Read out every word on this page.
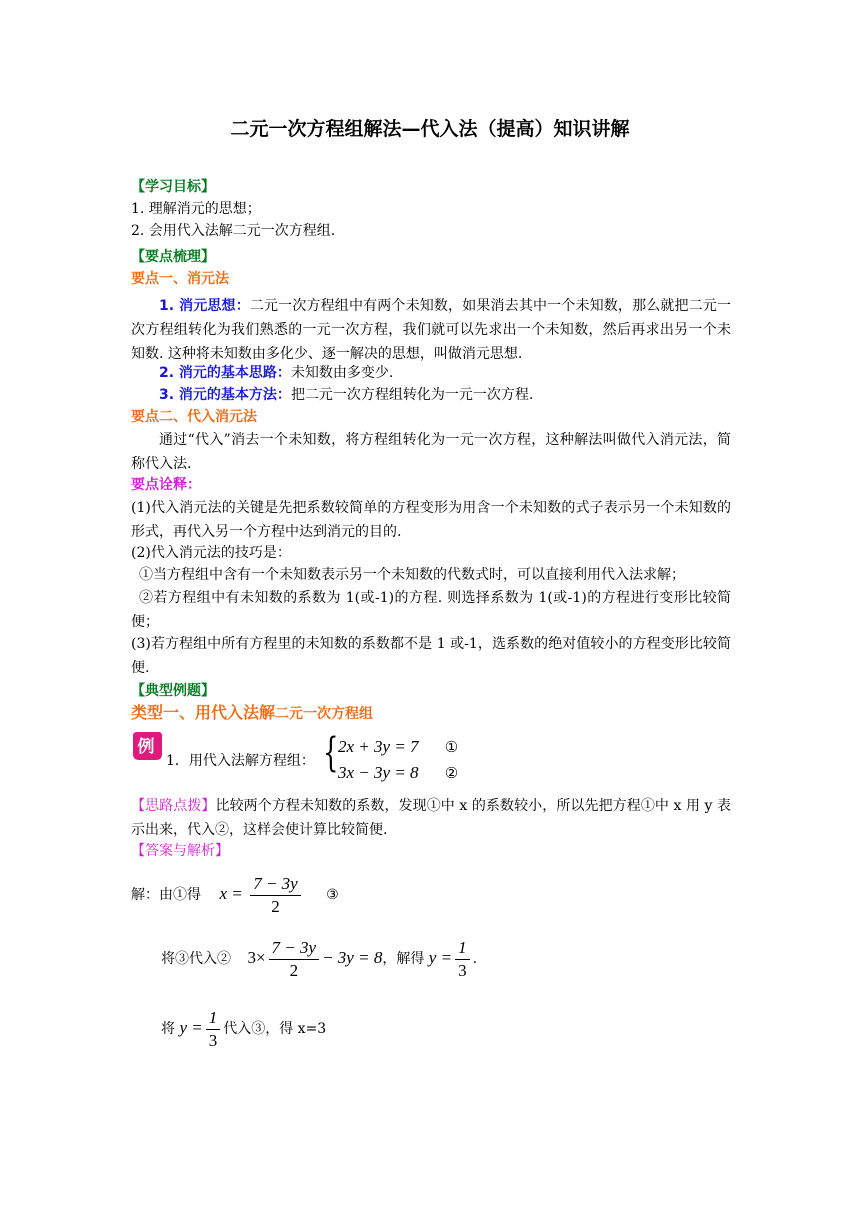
二元一次方程组解法—代入法（提高）知识讲解
【学习目标】
1. 理解消元的思想；
2. 会用代入法解二元一次方程组.
【要点梳理】
要点一、消元法
1. 消元思想：二元一次方程组中有两个未知数，如果消去其中一个未知数，那么就把二元一次方程组转化为我们熟悉的一元一次方程，我们就可以先求出一个未知数，然后再求出另一个未知数. 这种将未知数由多化少、逐一解决的思想，叫做消元思想.
2. 消元的基本思路：未知数由多变少.
3. 消元的基本方法：把二元一次方程组转化为一元一次方程.
要点二、代入消元法
通过“代入”消去一个未知数，将方程组转化为一元一次方程，这种解法叫做代入消元法，简称代入法.
要点诠释：
(1)代入消元法的关键是先把系数较简单的方程变形为用含一个未知数的式子表示另一个未知数的形式，再代入另一个方程中达到消元的目的.
(2)代入消元法的技巧是：
①当方程组中含有一个未知数表示另一个未知数的代数式时，可以直接利用代入法求解；
②若方程组中有未知数的系数为 1(或-1)的方程. 则选择系数为 1(或-1)的方程进行变形比较简便；
(3)若方程组中所有方程里的未知数的系数都不是 1 或-1，选系数的绝对值较小的方程变形比较简便.
【典型例题】
类型一、用代入法解二元一次方程组
例
1．用代入法解方程组： { 2x + 3y = 7 ①
3x − 3y = 8 ②
【思路点拨】比较两个方程未知数的系数，发现①中 x 的系数较小，所以先把方程①中 x 用 y 表示出来，代入②，这样会使计算比较简便.
【答案与解析】
解：由①得 $x = \frac{7 - 3y}{2}$ ③
将③代入② $3\times \frac{7 - 3y}{2} - 3y = 8$，解得 $y = \frac{1}{3}$ .
将 $y = \frac{1}{3}$ 代入③，得 x=3
